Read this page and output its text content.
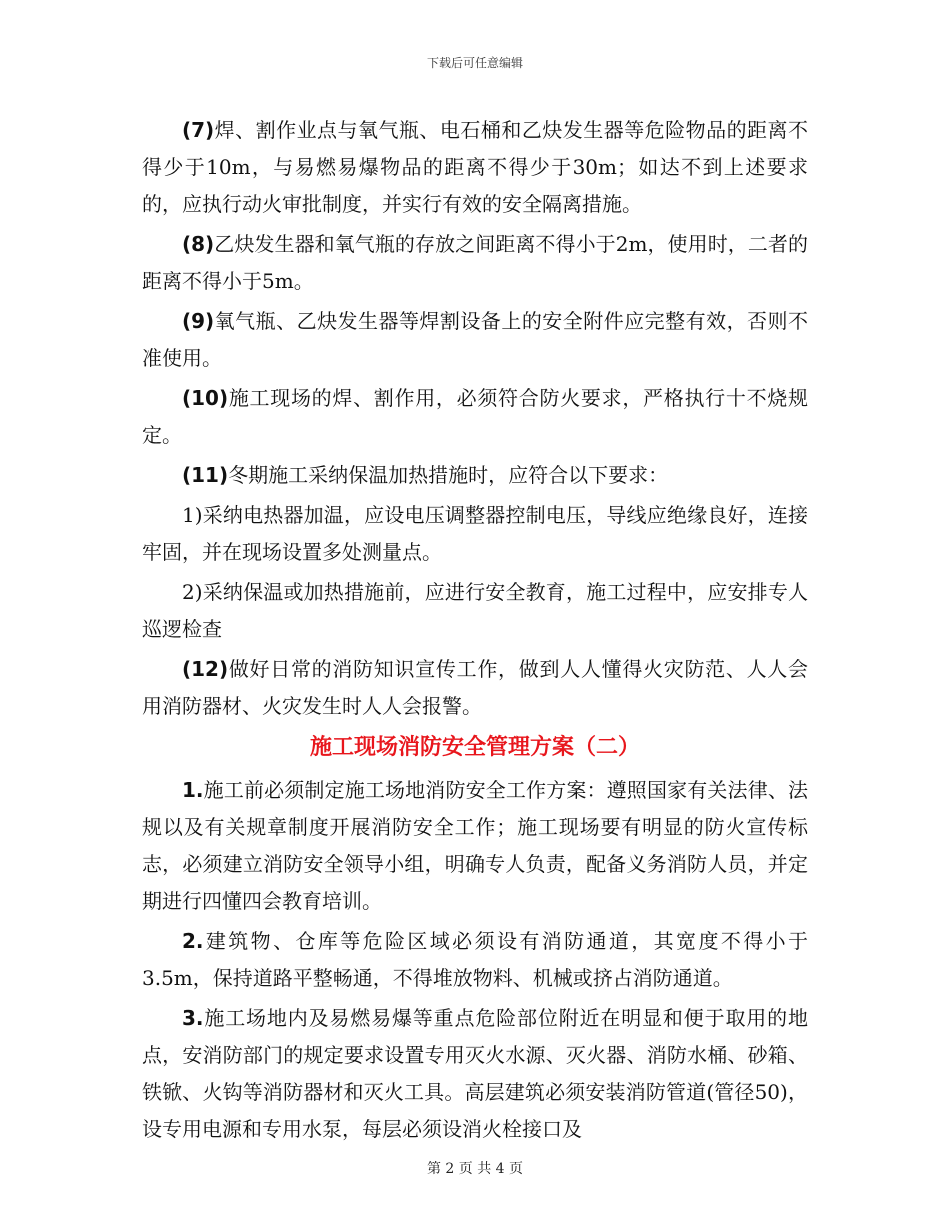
下载后可任意编辑

(7)焊、割作业点与氧气瓶、电石桶和乙炔发生器等危险物品的距离不得少于10m，与易燃易爆物品的距离不得少于30m；如达不到上述要求的，应执行动火审批制度，并实行有效的安全隔离措施。

(8)乙炔发生器和氧气瓶的存放之间距离不得小于2m，使用时，二者的距离不得小于5m。

(9)氧气瓶、乙炔发生器等焊割设备上的安全附件应完整有效，否则不准使用。

(10)施工现场的焊、割作用，必须符合防火要求，严格执行十不烧规定。

(11)冬期施工采纳保温加热措施时，应符合以下要求：

1)采纳电热器加温，应设电压调整器控制电压，导线应绝缘良好，连接牢固，并在现场设置多处测量点。

2)采纳保温或加热措施前，应进行安全教育，施工过程中，应安排专人巡逻检查

(12)做好日常的消防知识宣传工作，做到人人懂得火灾防范、人人会用消防器材、火灾发生时人人会报警。

施工现场消防安全管理方案（二）

1.施工前必须制定施工场地消防安全工作方案：遵照国家有关法律、法规以及有关规章制度开展消防安全工作；施工现场要有明显的防火宣传标志，必须建立消防安全领导小组，明确专人负责，配备义务消防人员，并定期进行四懂四会教育培训。

2.建筑物、仓库等危险区域必须设有消防通道，其宽度不得小于3.5m，保持道路平整畅通，不得堆放物料、机械或挤占消防通道。

3.施工场地内及易燃易爆等重点危险部位附近在明显和便于取用的地点，安消防部门的规定要求设置专用灭火水源、灭火器、消防水桶、砂箱、铁锨、火钩等消防器材和灭火工具。高层建筑必须安装消防管道(管径50)，设专用电源和专用水泵，每层必须设消火栓接口及

第 2 页 共 4 页
